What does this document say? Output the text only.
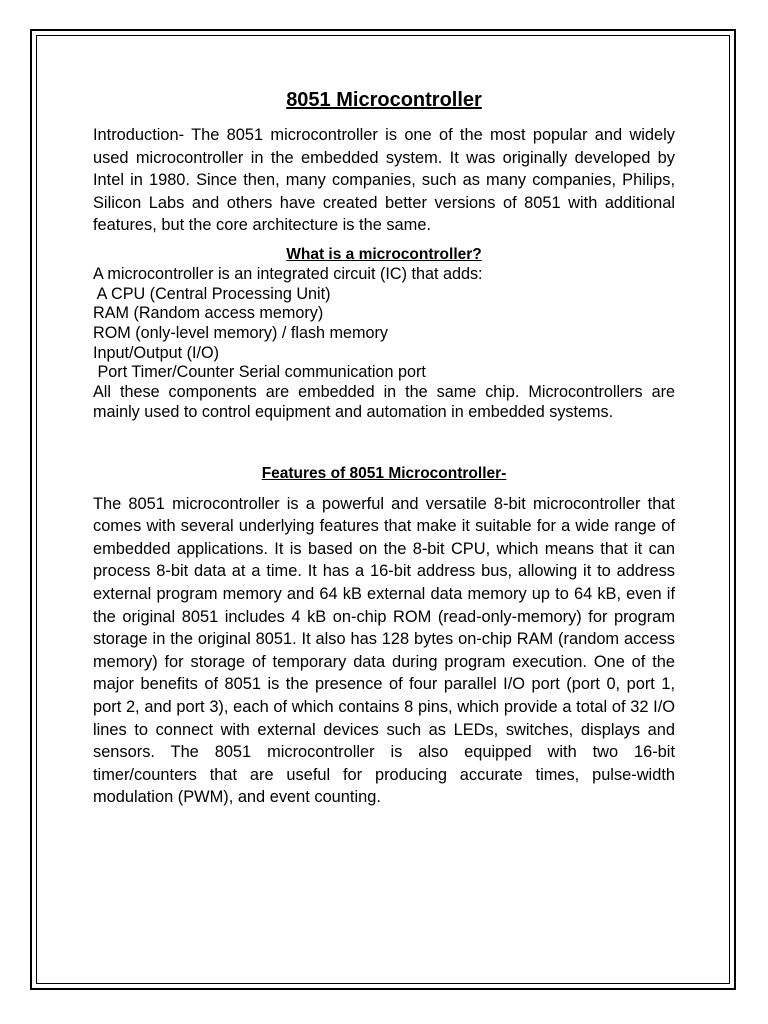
8051 Microcontroller

Introduction- The 8051 microcontroller is one of the most popular and widely used microcontroller in the embedded system. It was originally developed by Intel in 1980. Since then, many companies, such as many companies, Philips, Silicon Labs and others have created better versions of 8051 with additional features, but the core architecture is the same.

What is a microcontroller?
A microcontroller is an integrated circuit (IC) that adds:
A CPU (Central Processing Unit)
RAM (Random access memory)
ROM (only-level memory) / flash memory
Input/Output (I/O)
Port Timer/Counter Serial communication port
All these components are embedded in the same chip. Microcontrollers are mainly used to control equipment and automation in embedded systems.
Features of 8051 Microcontroller-

The 8051 microcontroller is a powerful and versatile 8-bit microcontroller that comes with several underlying features that make it suitable for a wide range of embedded applications. It is based on the 8-bit CPU, which means that it can process 8-bit data at a time. It has a 16-bit address bus, allowing it to address external program memory and 64 kB external data memory up to 64 kB, even if the original 8051 includes 4 kB on-chip ROM (read-only-memory) for program storage in the original 8051. It also has 128 bytes on-chip RAM (random access memory) for storage of temporary data during program execution. One of the major benefits of 8051 is the presence of four parallel I/O port (port 0, port 1, port 2, and port 3), each of which contains 8 pins, which provide a total of 32 I/O lines to connect with external devices such as LEDs, switches, displays and sensors. The 8051 microcontroller is also equipped with two 16-bit timer/counters that are useful for producing accurate times, pulse-width modulation (PWM), and event counting.
